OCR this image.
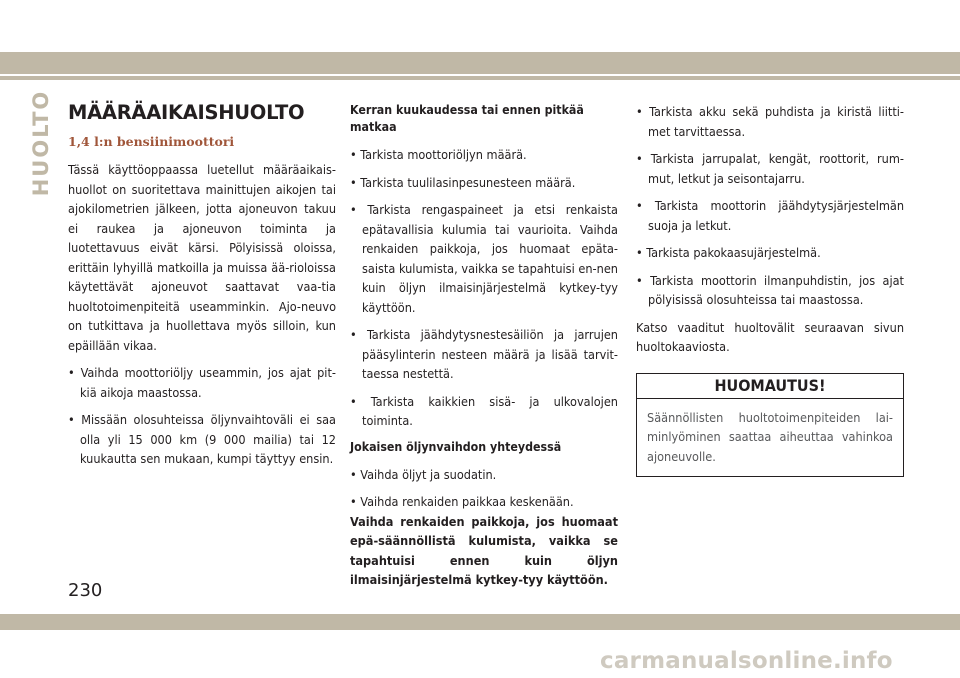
HUOLTO MÄÄRÄAIKAISHUOLTO
1,4 l:n bensiinimoottori

Tässä käyttöoppaassa luetellut määräaikais-huollot on suoritettava mainittujen aikojen tai ajokilometrien jälkeen, jotta ajoneuvon takuu ei raukea ja ajoneuvon toiminta ja luotettavuus eivät kärsi. Pölyisissä oloissa, erittäin lyhyillä matkoilla ja muissa ää-rioloissa käytettävät ajoneuvot saattavat vaa-tia huoltotoimenpiteitä useamminkin. Ajo-neuvo on tutkittava ja huollettava myös silloin, kun epäillään vikaa.

• Vaihda moottoriöljy useammin, jos ajat pit-kiä aikoja maastossa.
• Missään olosuhteissa öljynvaihtoväli ei saa olla yli 15 000 km (9 000 mailia) tai 12 kuukautta sen mukaan, kumpi täyttyy ensin.
Kerran kuukaudessa tai ennen pitkää matkaa
• Tarkista moottoriöljyn määrä.
• Tarkista tuulilasinpesunesteen määrä.
• Tarkista rengaspaineet ja etsi renkaista epätavallisia kulumia tai vaurioita. Vaihda renkaiden paikkoja, jos huomaat epäta-saista kulumista, vaikka se tapahtuisi en-nen kuin öljyn ilmaisinjärjestelmä kytkey-tyy käyttöön.
• Tarkista jäähdytysnestesäiliön ja jarrujen pääsylinterin nesteen määrä ja lisää tarvit-taessa nestettä.
• Tarkista kaikkien sisä- ja ulkovalojen toiminta.
Jokaisen öljynvaihdon yhteydessä
• Vaihda öljyt ja suodatin.
• Vaihda renkaiden paikkaa keskenään.
Vaihda renkaiden paikkoja, jos huomaat epä-säännöllistä kulumista, vaikka se tapahtuisi ennen kuin öljyn ilmaisinjärjestelmä kytkey-tyy käyttöön.
• Tarkista akku sekä puhdista ja kiristä liitti-met tarvittaessa.
• Tarkista jarrupalat, kengät, roottorit, rum-mut, letkut ja seisontajarru.
• Tarkista moottorin jäähdytysjärjestelmän suoja ja letkut.
• Tarkista pakokaasujärjestelmä.
• Tarkista moottorin ilmanpuhdistin, jos ajat pölyisissä olosuhteissa tai maastossa.

Katso vaaditut huoltovälit seuraavan sivun huoltokaaviosta.

HUOMAUTUS!
Säännöllisten huoltotoimenpiteiden lai-minlyöminen saattaa aiheuttaa vahinkoa ajoneuvolle.
230
carmanualsonline.info
